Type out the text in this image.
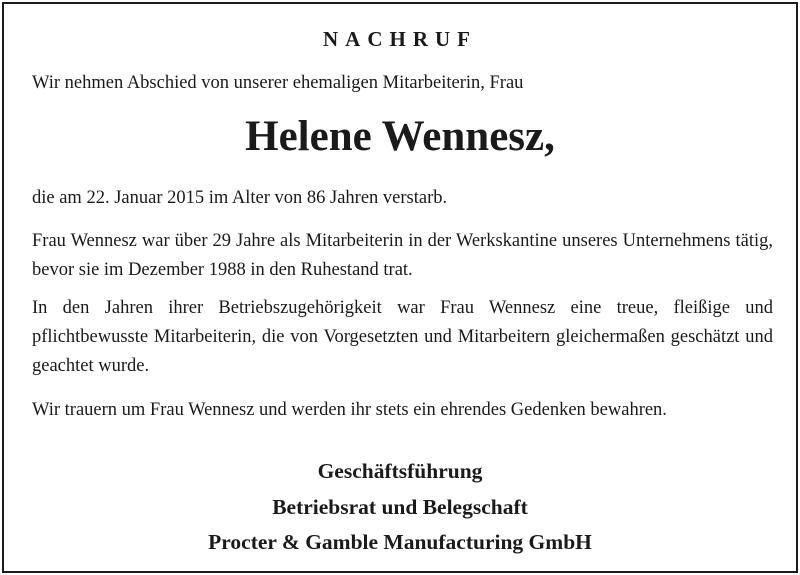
NACHRUF
Wir nehmen Abschied von unserer ehemaligen Mitarbeiterin, Frau
Helene Wennesz,
die am 22. Januar 2015 im Alter von 86 Jahren verstarb.
Frau Wennesz war über 29 Jahre als Mitarbeiterin in der Werkskantine unseres Unternehmens tätig, bevor sie im Dezember 1988 in den Ruhestand trat.
In den Jahren ihrer Betriebszugehörigkeit war Frau Wennesz eine treue, fleißige und pflichtbewusste Mitarbeiterin, die von Vorgesetzten und Mitarbeitern gleichermaßen geschätzt und geachtet wurde.
Wir trauern um Frau Wennesz und werden ihr stets ein ehrendes Gedenken bewahren.
Geschäftsführung
Betriebsrat und Belegschaft
Procter & Gamble Manufacturing GmbH
